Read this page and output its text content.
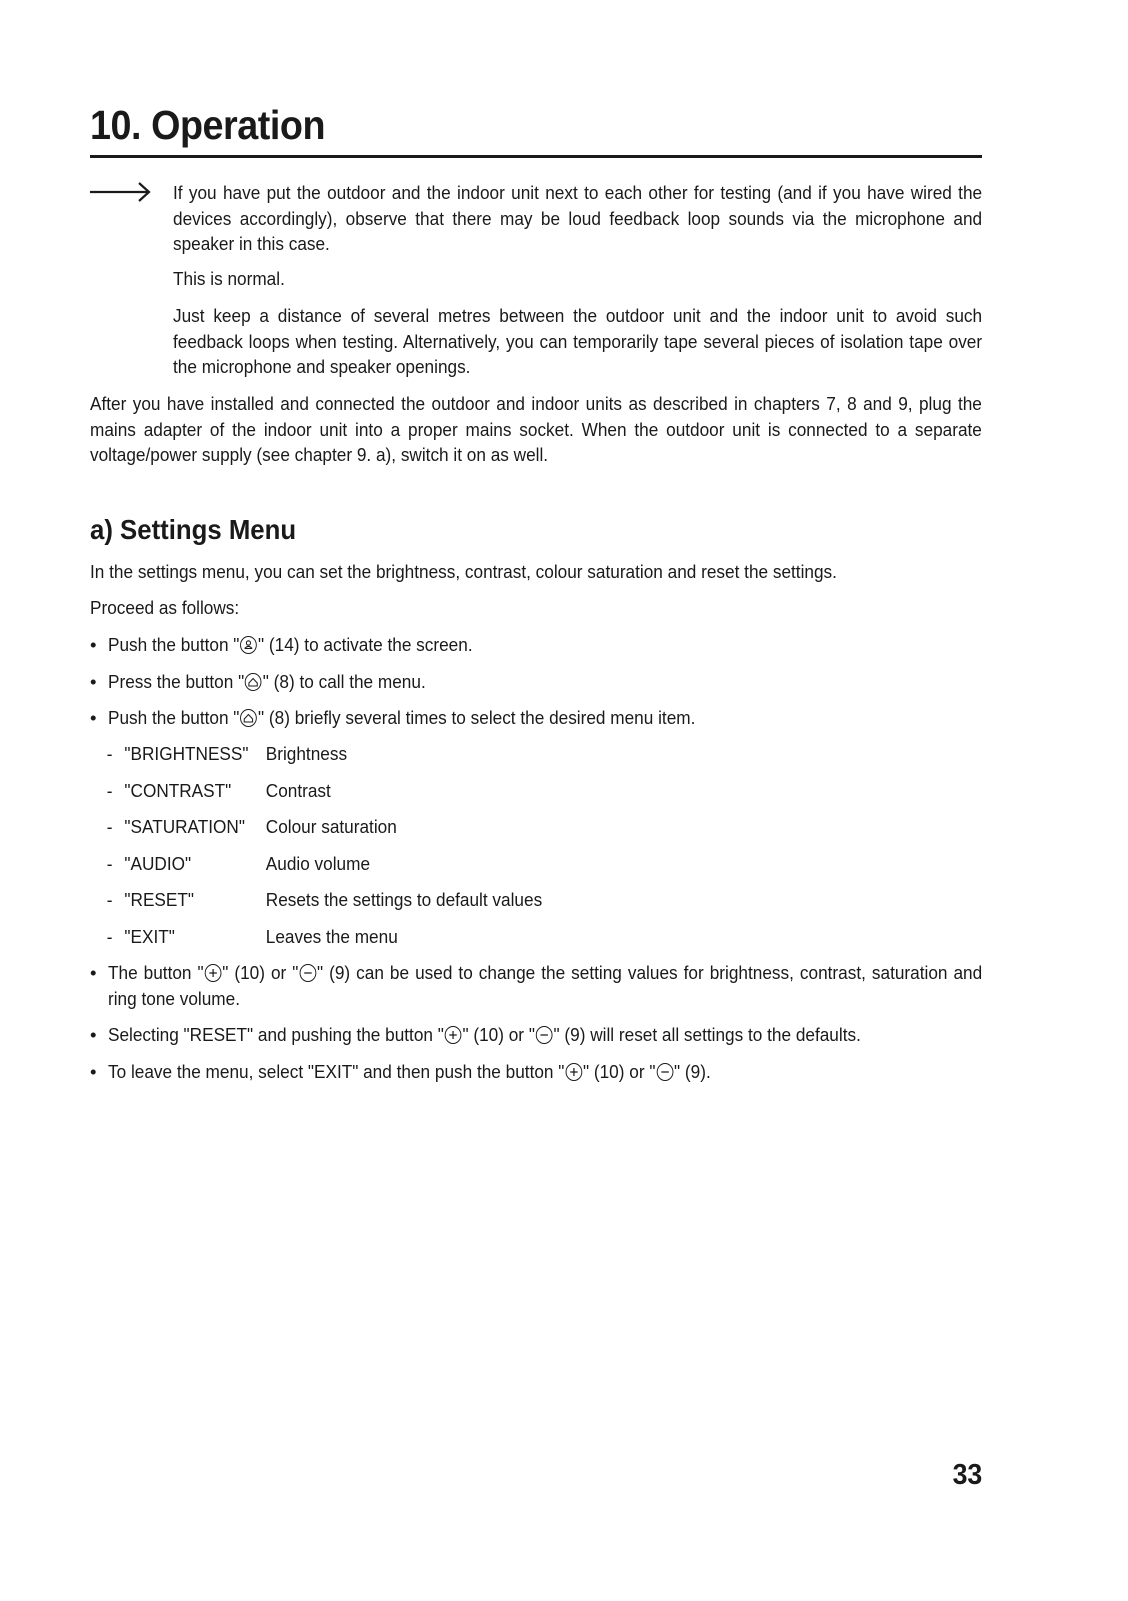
10. Operation

If you have put the outdoor and the indoor unit next to each other for testing (and if you have wired the devices accordingly), observe that there may be loud feedback loop sounds via the microphone and speaker in this case.

This is normal.

Just keep a distance of several metres between the outdoor unit and the indoor unit to avoid such feedback loops when testing. Alternatively, you can temporarily tape several pieces of isolation tape over the microphone and speaker openings.

After you have installed and connected the outdoor and indoor units as described in chapters 7, 8 and 9, plug the mains adapter of the indoor unit into a proper mains socket. When the outdoor unit is connected to a separate voltage/power supply (see chapter 9. a), switch it on as well.

a) Settings Menu

In the settings menu, you can set the brightness, contrast, colour saturation and reset the settings.

Proceed as follows:

• Push the button " " (14) to activate the screen.
• Press the button " " (8) to call the menu.
• Push the button " " (8) briefly several times to select the desired menu item.
- "BRIGHTNESS" Brightness
- "CONTRAST" Contrast
- "SATURATION" Colour saturation
- "AUDIO"	Audio volume
- "RESET"	Resets the settings to default values
- "EXIT"	Leaves the menu
• The button " " (10) or " " (9) can be used to change the setting values for brightness, contrast, saturation and ring tone volume.
• Selecting "RESET" and pushing the button " " (10) or " " (9) will reset all settings to the defaults.
• To leave the menu, select "EXIT" and then push the button " " (10) or " " (9).
33
